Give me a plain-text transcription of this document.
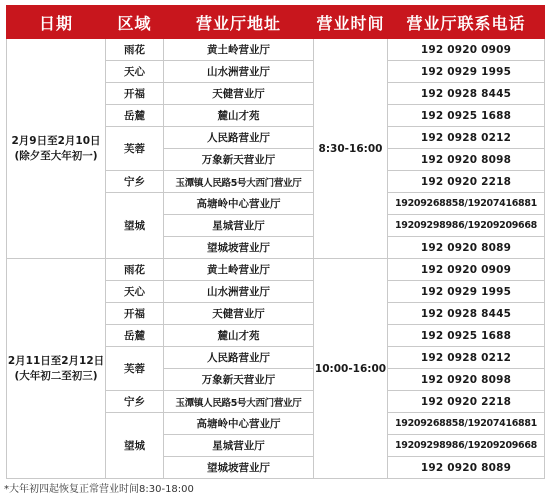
日期	区域	营业厅地址	营业时间	营业厅联系电话

2月9日至2月10日
(除夕至大年初一)	雨花	黄土岭营业厅	8:30-16:00	192 0920 0909
	天心	山水洲营业厅		192 0929 1995
	开福	天健营业厅		192 0928 8445
	岳麓	麓山才苑		192 0925 1688
	芙蓉	人民路营业厅		192 0928 0212
		万象新天营业厅		192 0920 8098
	宁乡	玉潭镇人民路5号大西门营业厅		192 0920 2218
	望城	高塘岭中心营业厅		19209268858/19207416881
		星城营业厅		19209298986/19209209668
		望城坡营业厅		192 0920 8089

2月11日至2月12日
(大年初二至初三)	雨花	黄土岭营业厅	10:00-16:00	192 0920 0909
	天心	山水洲营业厅		192 0929 1995
	开福	天健营业厅		192 0928 8445
	岳麓	麓山才苑		192 0925 1688
	芙蓉	人民路营业厅		192 0928 0212
		万象新天营业厅		192 0920 8098
	宁乡	玉潭镇人民路5号大西门营业厅		192 0920 2218
	望城	高塘岭中心营业厅		19209268858/19207416881
		星城营业厅		19209298986/19209209668
		望城坡营业厅		192 0920 8089
*大年初四起恢复正常营业时间8:30-18:00
